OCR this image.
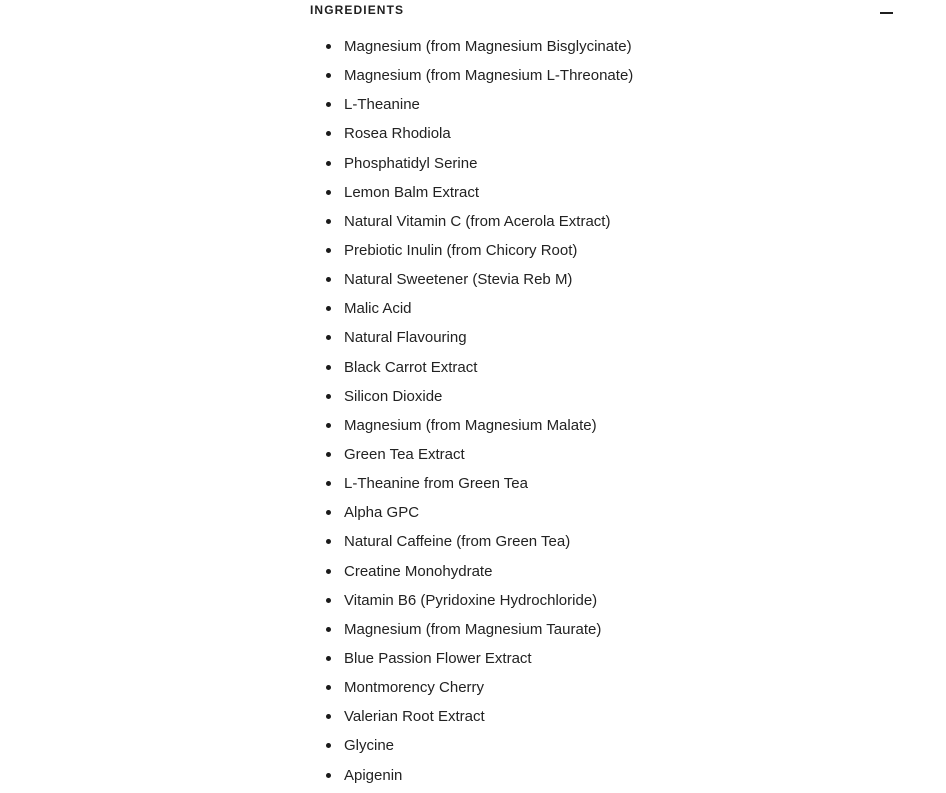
INGREDIENTS
Magnesium (from Magnesium Bisglycinate)
Magnesium (from Magnesium L-Threonate)
L-Theanine
Rosea Rhodiola
Phosphatidyl Serine
Lemon Balm Extract
Natural Vitamin C (from Acerola Extract)
Prebiotic Inulin (from Chicory Root)
Natural Sweetener (Stevia Reb M)
Malic Acid
Natural Flavouring
Black Carrot Extract
Silicon Dioxide
Magnesium (from Magnesium Malate)
Green Tea Extract
L-Theanine from Green Tea
Alpha GPC
Natural Caffeine (from Green Tea)
Creatine Monohydrate
Vitamin B6 (Pyridoxine Hydrochloride)
Magnesium (from Magnesium Taurate)
Blue Passion Flower Extract
Montmorency Cherry
Valerian Root Extract
Glycine
Apigenin
